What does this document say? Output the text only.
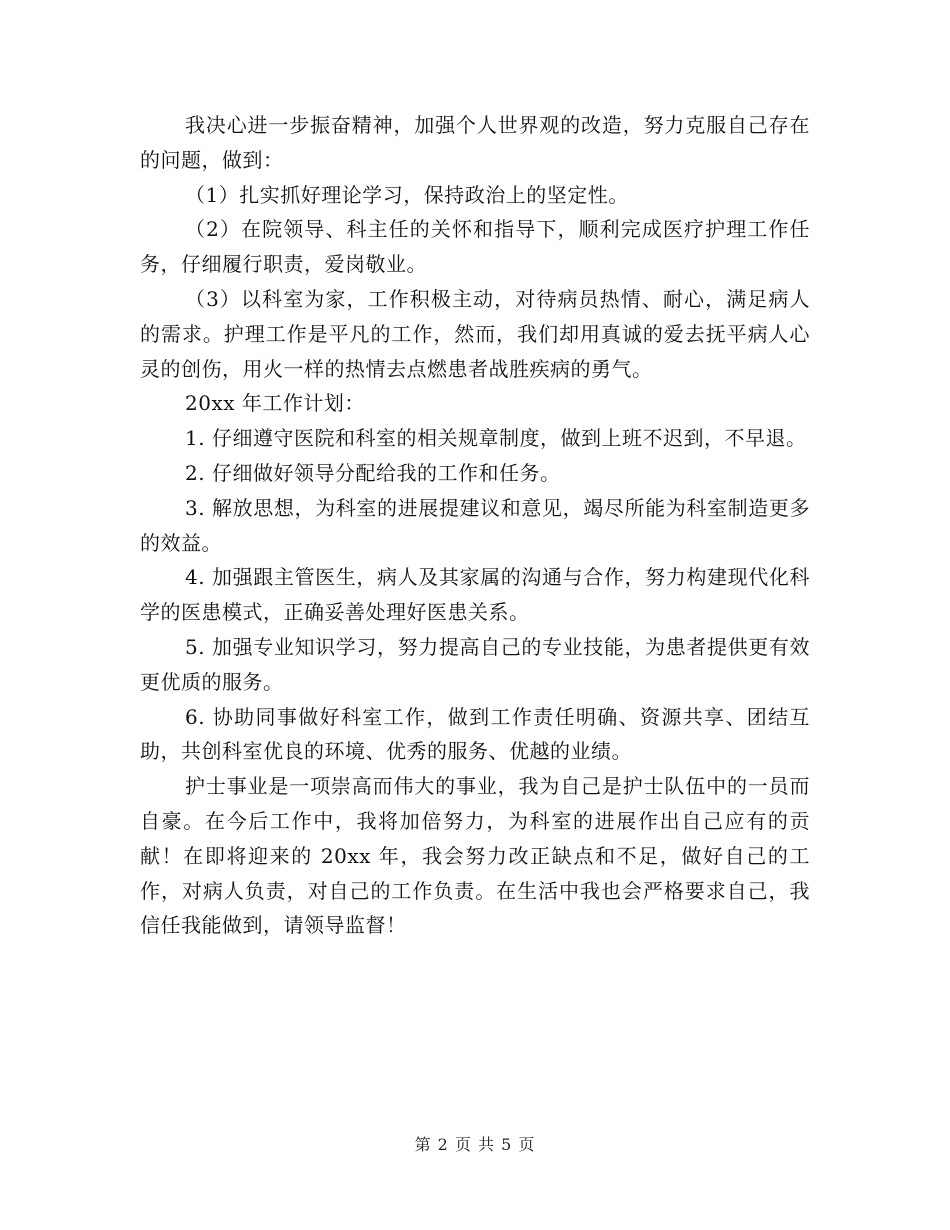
我决心进一步振奋精神，加强个人世界观的改造，努力克服自己存在的问题，做到：

（1）扎实抓好理论学习，保持政治上的坚定性。

（2）在院领导、科主任的关怀和指导下，顺利完成医疗护理工作任务，仔细履行职责，爱岗敬业。

（3）以科室为家，工作积极主动，对待病员热情、耐心，满足病人的需求。护理工作是平凡的工作，然而，我们却用真诚的爱去抚平病人心灵的创伤，用火一样的热情去点燃患者战胜疾病的勇气。

20xx 年工作计划：

1. 仔细遵守医院和科室的相关规章制度，做到上班不迟到，不早退。

2. 仔细做好领导分配给我的工作和任务。

3. 解放思想，为科室的进展提建议和意见，竭尽所能为科室制造更多的效益。

4. 加强跟主管医生，病人及其家属的沟通与合作，努力构建现代化科学的医患模式，正确妥善处理好医患关系。

5. 加强专业知识学习，努力提高自己的专业技能，为患者提供更有效更优质的服务。

6. 协助同事做好科室工作，做到工作责任明确、资源共享、团结互助，共创科室优良的环境、优秀的服务、优越的业绩。

护士事业是一项崇高而伟大的事业，我为自己是护士队伍中的一员而自豪。在今后工作中，我将加倍努力，为科室的进展作出自己应有的贡献！在即将迎来的 20xx 年，我会努力改正缺点和不足，做好自己的工作，对病人负责，对自己的工作负责。在生活中我也会严格要求自己，我信任我能做到，请领导监督！

第 2 页 共 5 页
